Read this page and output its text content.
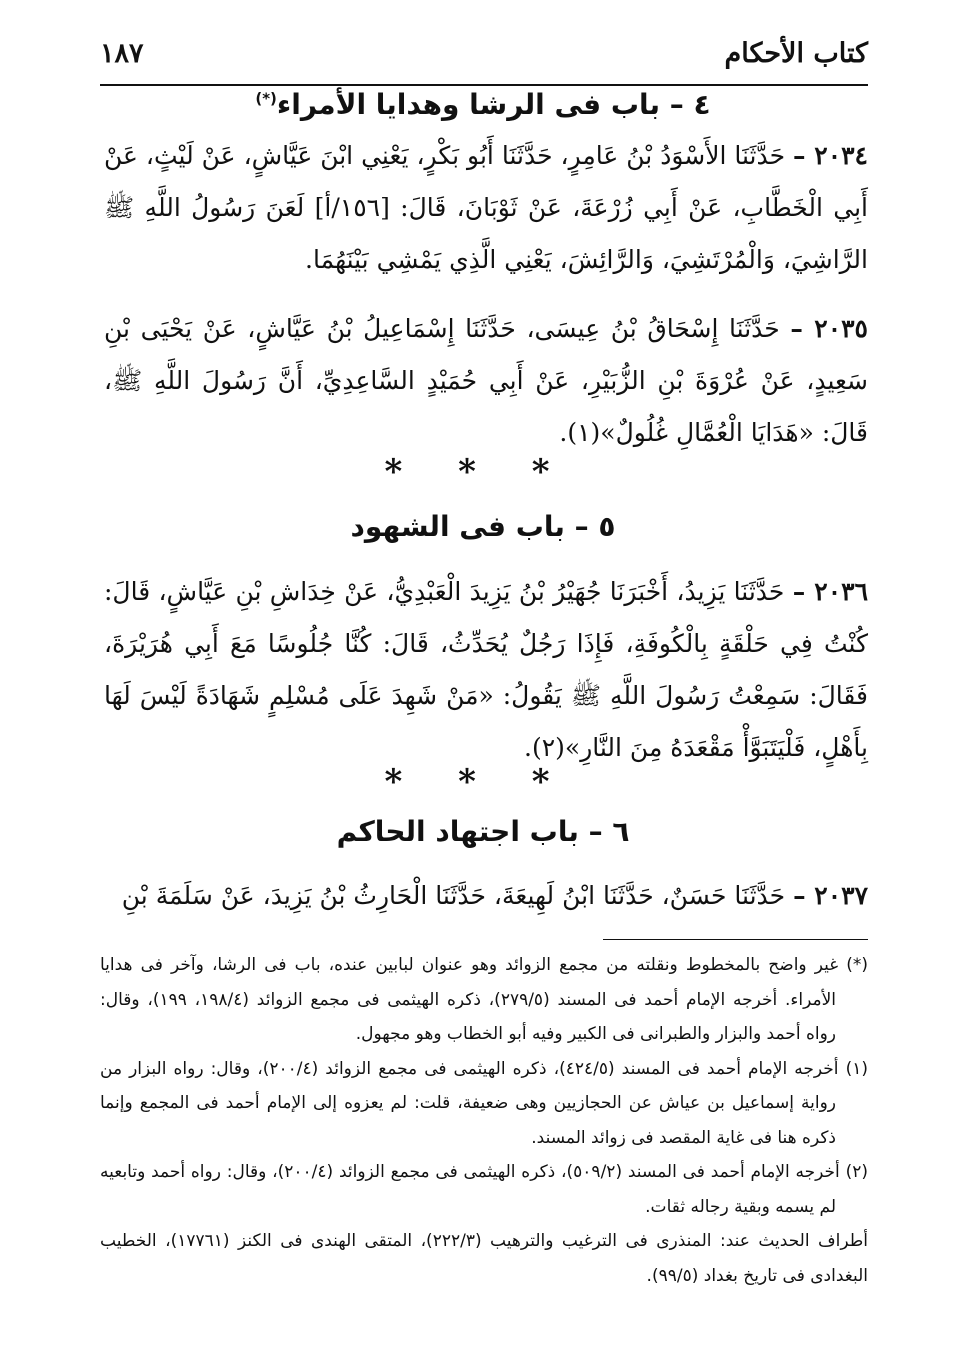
كتاب الأحكام
١٨٧
٤ – باب فى الرشا وهدايا الأمراء(*)

٢٠٣٤ – حَدَّثَنَا الأَسْوَدُ بْنُ عَامِرٍ، حَدَّثَنَا أَبُو بَكْرٍ، يَعْنِي ابْنَ عَيَّاشٍ، عَنْ لَيْثٍ، عَنْ أَبِي الْخَطَّابِ، عَنْ أَبِي زُرْعَةَ، عَنْ ثَوْبَانَ، قَالَ: [١٥٦/أ] لَعَنَ رَسُولُ اللَّهِ ﷺ الرَّاشِيَ، وَالْمُرْتَشِيَ، وَالرَّائِشَ، يَعْنِي الَّذِي يَمْشِي بَيْنَهُمَا.

٢٠٣٥ – حَدَّثَنَا إِسْحَاقُ بْنُ عِيسَى، حَدَّثَنَا إِسْمَاعِيلُ بْنُ عَيَّاشٍ، عَنْ يَحْيَى بْنِ سَعِيدٍ، عَنْ عُرْوَةَ بْنِ الزُّبَيْرِ، عَنْ أَبِي حُمَيْدٍ السَّاعِدِيِّ، أَنَّ رَسُولَ اللَّهِ ﷺ، قَالَ: «هَدَايَا الْعُمَّالِ غُلُولٌ»(١).

* * *
٥ – باب فى الشهود

٢٠٣٦ – حَدَّثَنَا يَزِيدُ، أَخْبَرَنَا جُهَيْرُ بْنُ يَزِيدَ الْعَبْدِيُّ، عَنْ خِدَاشِ بْنِ عَيَّاشٍ، قَالَ: كُنْتُ فِي حَلْقَةٍ بِالْكُوفَةِ، فَإِذَا رَجُلٌ يُحَدِّثُ، قَالَ: كُنَّا جُلُوسًا مَعَ أَبِي هُرَيْرَةَ، فَقَالَ: سَمِعْتُ رَسُولَ اللَّهِ ﷺ يَقُولُ: «مَنْ شَهِدَ عَلَى مُسْلِمٍ شَهَادَةً لَيْسَ لَهَا بِأَهْلٍ، فَلْيَتَبَوَّأْ مَقْعَدَهُ مِنَ النَّارِ»(٢).

* * *
٦ – باب اجتهاد الحاكم

٢٠٣٧ – حَدَّثَنَا حَسَنٌ، حَدَّثَنَا ابْنُ لَهِيعَةَ، حَدَّثَنَا الْحَارِثُ بْنُ يَزِيدَ، عَنْ سَلَمَةَ بْنِ

(*) غير واضح بالمخطوط ونقلته من مجمع الزوائد وهو عنوان لبابين عنده، باب فى الرشا، وآخر فى هدايا الأمراء. أخرجه الإمام أحمد فى المسند (٢٧٩/٥)، ذكره الهيثمى فى مجمع الزوائد (١٩٨/٤، ١٩٩)، وقال: رواه أحمد والبزار والطبرانى فى الكبير وفيه أبو الخطاب وهو مجهول.

(١) أخرجه الإمام أحمد فى المسند (٤٢٤/٥)، ذكره الهيثمى فى مجمع الزوائد (٢٠٠/٤)، وقال: رواه البزار من رواية إسماعيل بن عياش عن الحجازيين وهى ضعيفة، قلت: لم يعزوه إلى الإمام أحمد فى المجمع وإنما ذكره هنا فى غاية المقصد فى زوائد المسند.

(٢) أخرجه الإمام أحمد فى المسند (٥٠٩/٢)، ذكره الهيثمى فى مجمع الزوائد (٢٠٠/٤)، وقال: رواه أحمد وتابعيه لم يسمه وبقية رجاله ثقات.

أطراف الحديث عند: المنذرى فى الترغيب والترهيب (٢٢٢/٣)، المتقى الهندى فى الكنز (١٧٧٦١)، الخطيب البغدادى فى تاريخ بغداد (٩٩/٥).
